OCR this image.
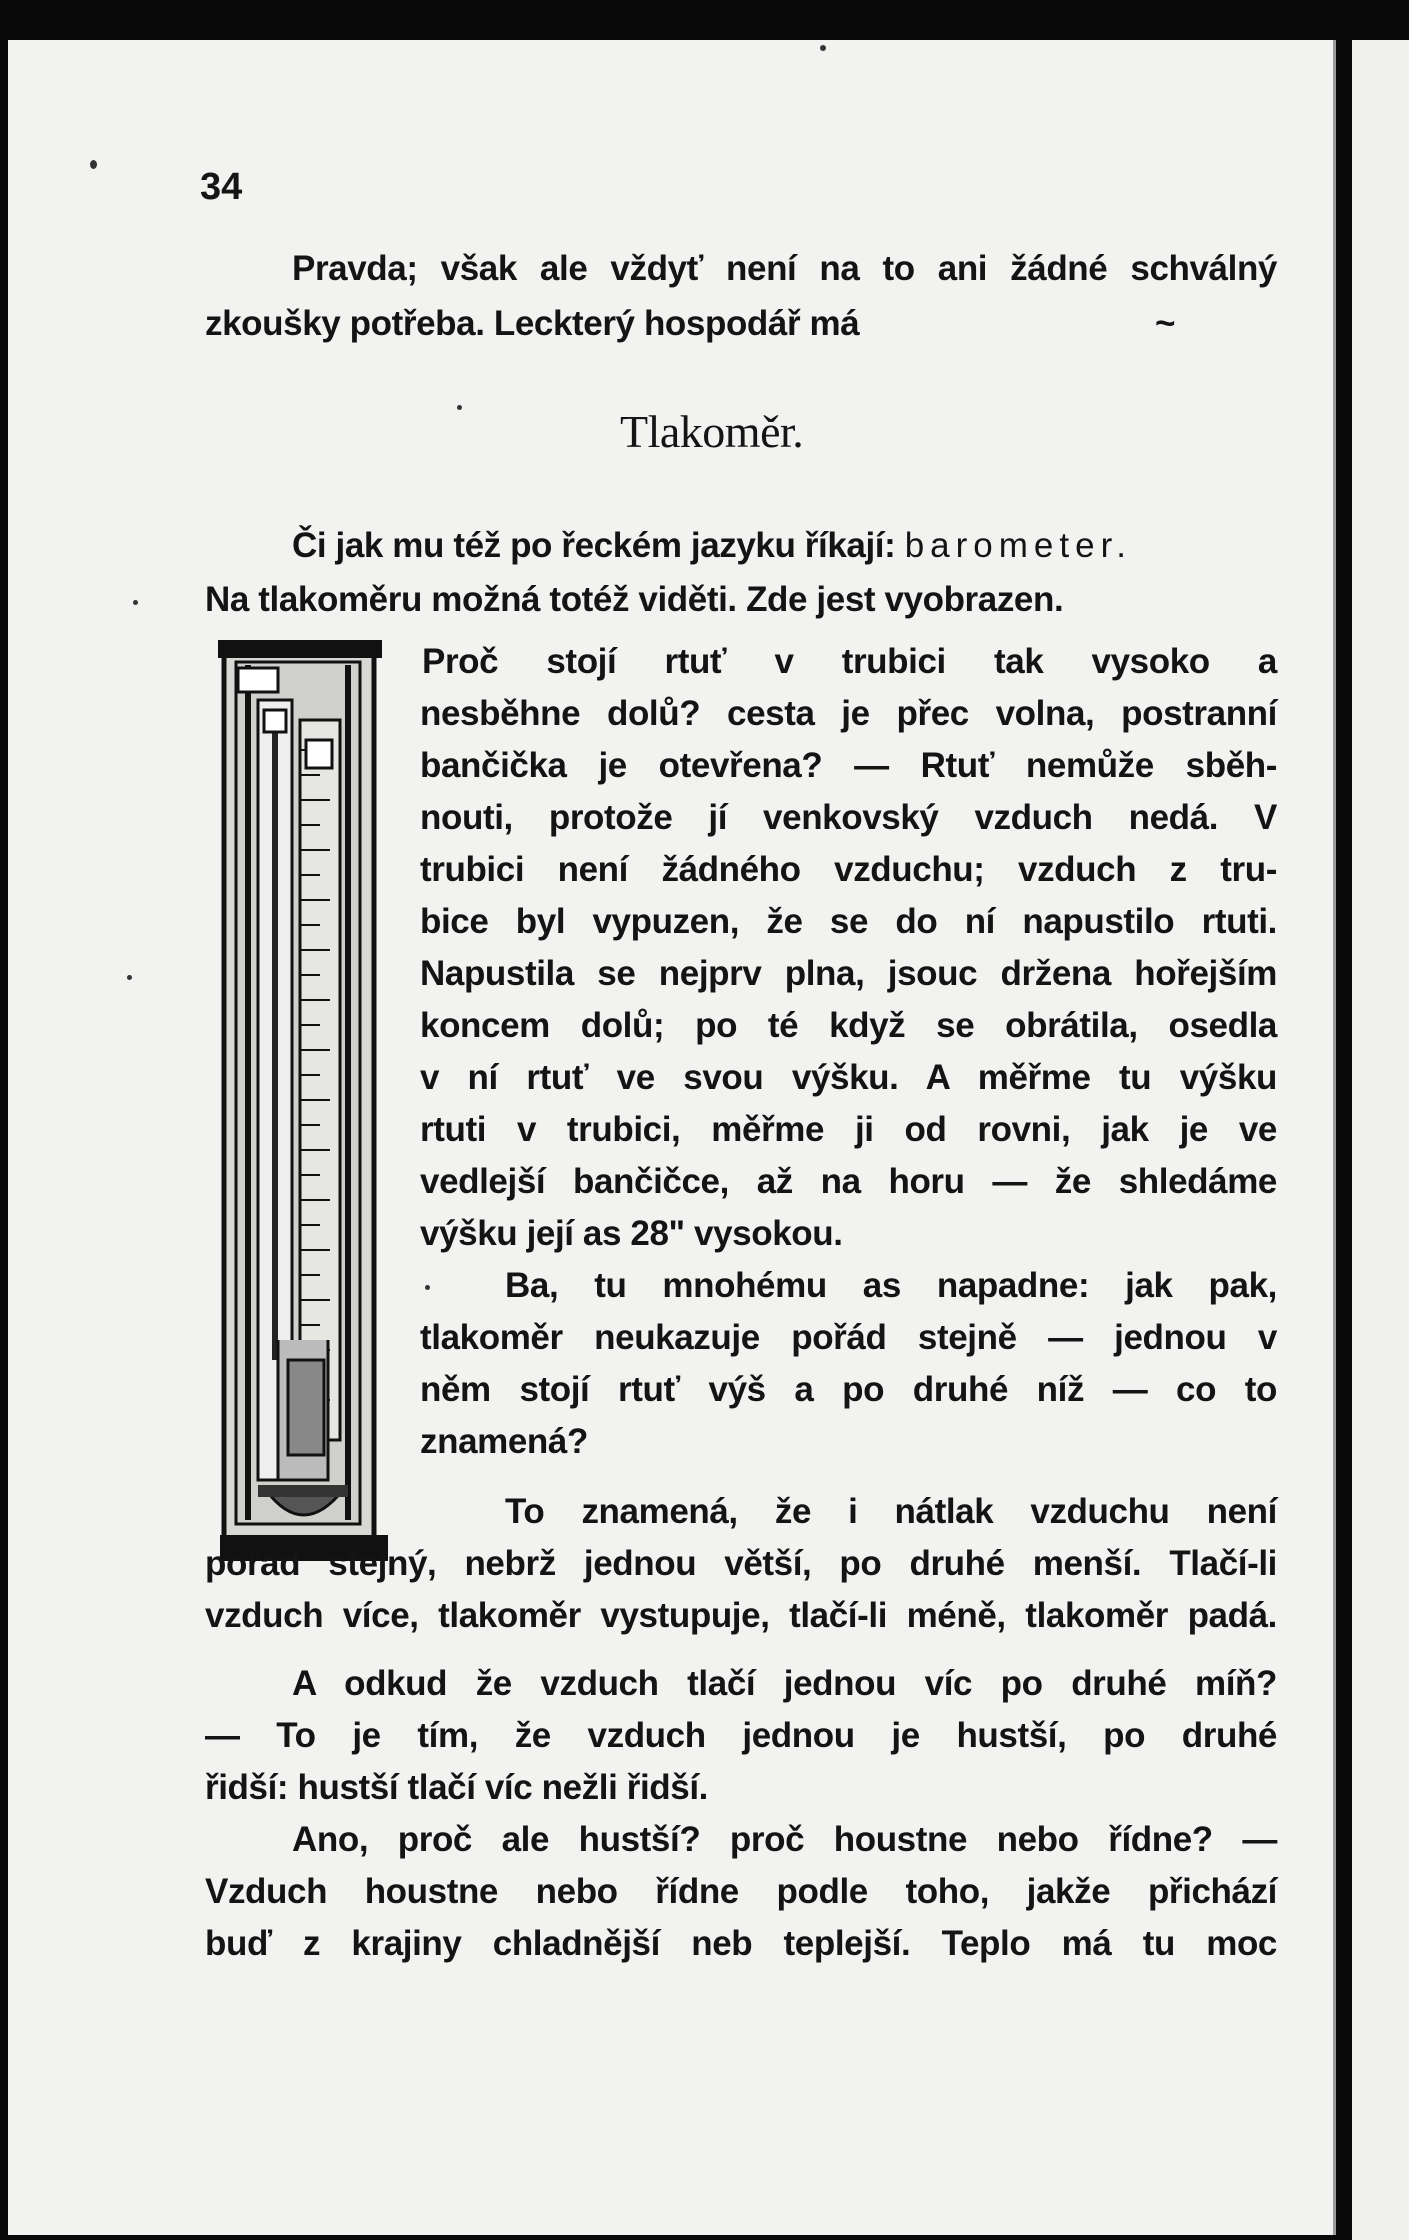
34
Pravda; však ale vždyť není na to ani žádné schválný
zkoušky potřeba. Leckterý hospodář má	~
Tlakoměr.
Či jak mu též po řeckém jazyku říkají: barometer.
Na tlakoměru možná totéž viděti. Zde jest vyobrazen.
Proč stojí rtuť v trubici tak vysoko a
nesběhne dolů? cesta je přec volna, postranní
bančička je otevřena? — Rtuť nemůže sběh-
nouti, protože jí venkovský vzduch nedá. V
trubici není žádného vzduchu; vzduch z tru-
bice byl vypuzen, že se do ní napustilo rtuti.
Napustila se nejprv plna, jsouc držena hořejším
koncem dolů; po té když se obrátila, osedla
v ní rtuť ve svou výšku. A měřme tu výšku
rtuti v trubici, měřme ji od rovni, jak je ve
vedlejší bančičce, až na horu — že shledáme
výšku její as 28" vysokou.
Ba, tu mnohému as napadne: jak pak,
tlakoměr neukazuje pořád stejně — jednou v
něm stojí rtuť výš a po druhé níž — co to
znamená?
To znamená, že i nátlak vzduchu není
pořád stejný, nebrž jednou větší, po druhé menší. Tlačí-li
vzduch více, tlakoměr vystupuje, tlačí-li méně, tlakoměr padá.
A odkud že vzduch tlačí jednou víc po druhé míň?
— To je tím, že vzduch jednou je hustší, po druhé
řidší: hustší tlačí víc nežli řidší.
Ano, proč ale hustší? proč houstne nebo řídne? —
Vzduch houstne nebo řídne podle toho, jakže přichází
buď z krajiny chladnější neb teplejší. Teplo má tu moc
